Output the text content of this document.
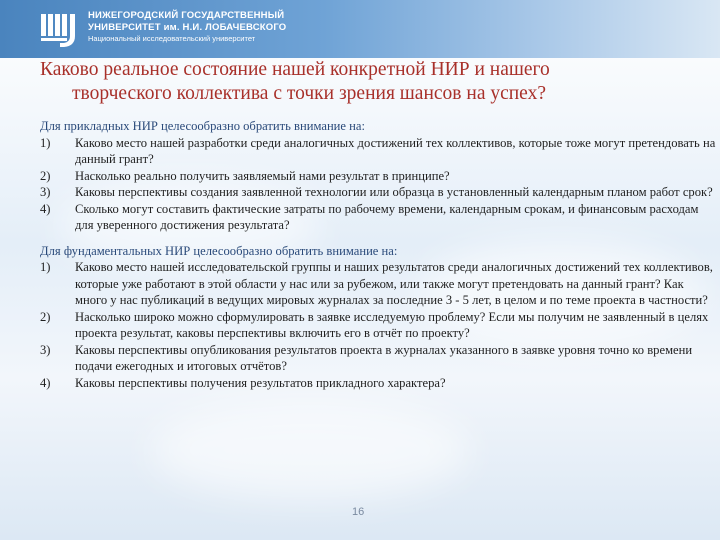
НИЖЕГОРОДСКИЙ ГОСУДАРСТВЕННЫЙ
УНИВЕРСИТЕТ им. Н.И. ЛОБАЧЕВСКОГО
Национальный исследовательский университет
Каково реальное состояние нашей конкретной НИР и нашего
творческого коллектива с точки зрения шансов на успех?
Для прикладных НИР целесообразно обратить внимание на:
1)	Каково место нашей разработки среди аналогичных достижений тех коллективов, которые тоже могут претендовать на данный грант?
2)	Насколько реально получить заявляемый нами результат в принципе?
3)	Каковы перспективы создания заявленной технологии или образца в установленный календарным планом работ срок?
4)	Сколько могут составить фактические затраты по рабочему времени, календарным срокам, и финансовым расходам для уверенного достижения результата?
Для фундаментальных НИР целесообразно обратить внимание на:
1)	Каково место нашей исследовательской группы и наших результатов среди аналогичных достижений тех коллективов, которые уже работают в этой области у нас или за рубежом, или также могут претендовать на данный грант? Как много у нас публикаций в ведущих мировых журналах за последние 3 - 5 лет, в целом и по теме проекта в частности?
2)	Насколько широко можно сформулировать в заявке исследуемую проблему? Если мы получим не заявленный в целях проекта результат, каковы перспективы включить его в отчёт по проекту?
3)	Каковы перспективы опубликования результатов проекта в журналах указанного в заявке уровня точно ко времени подачи ежегодных и итоговых отчётов?
4)	Каковы перспективы получения результатов прикладного характера?
16
